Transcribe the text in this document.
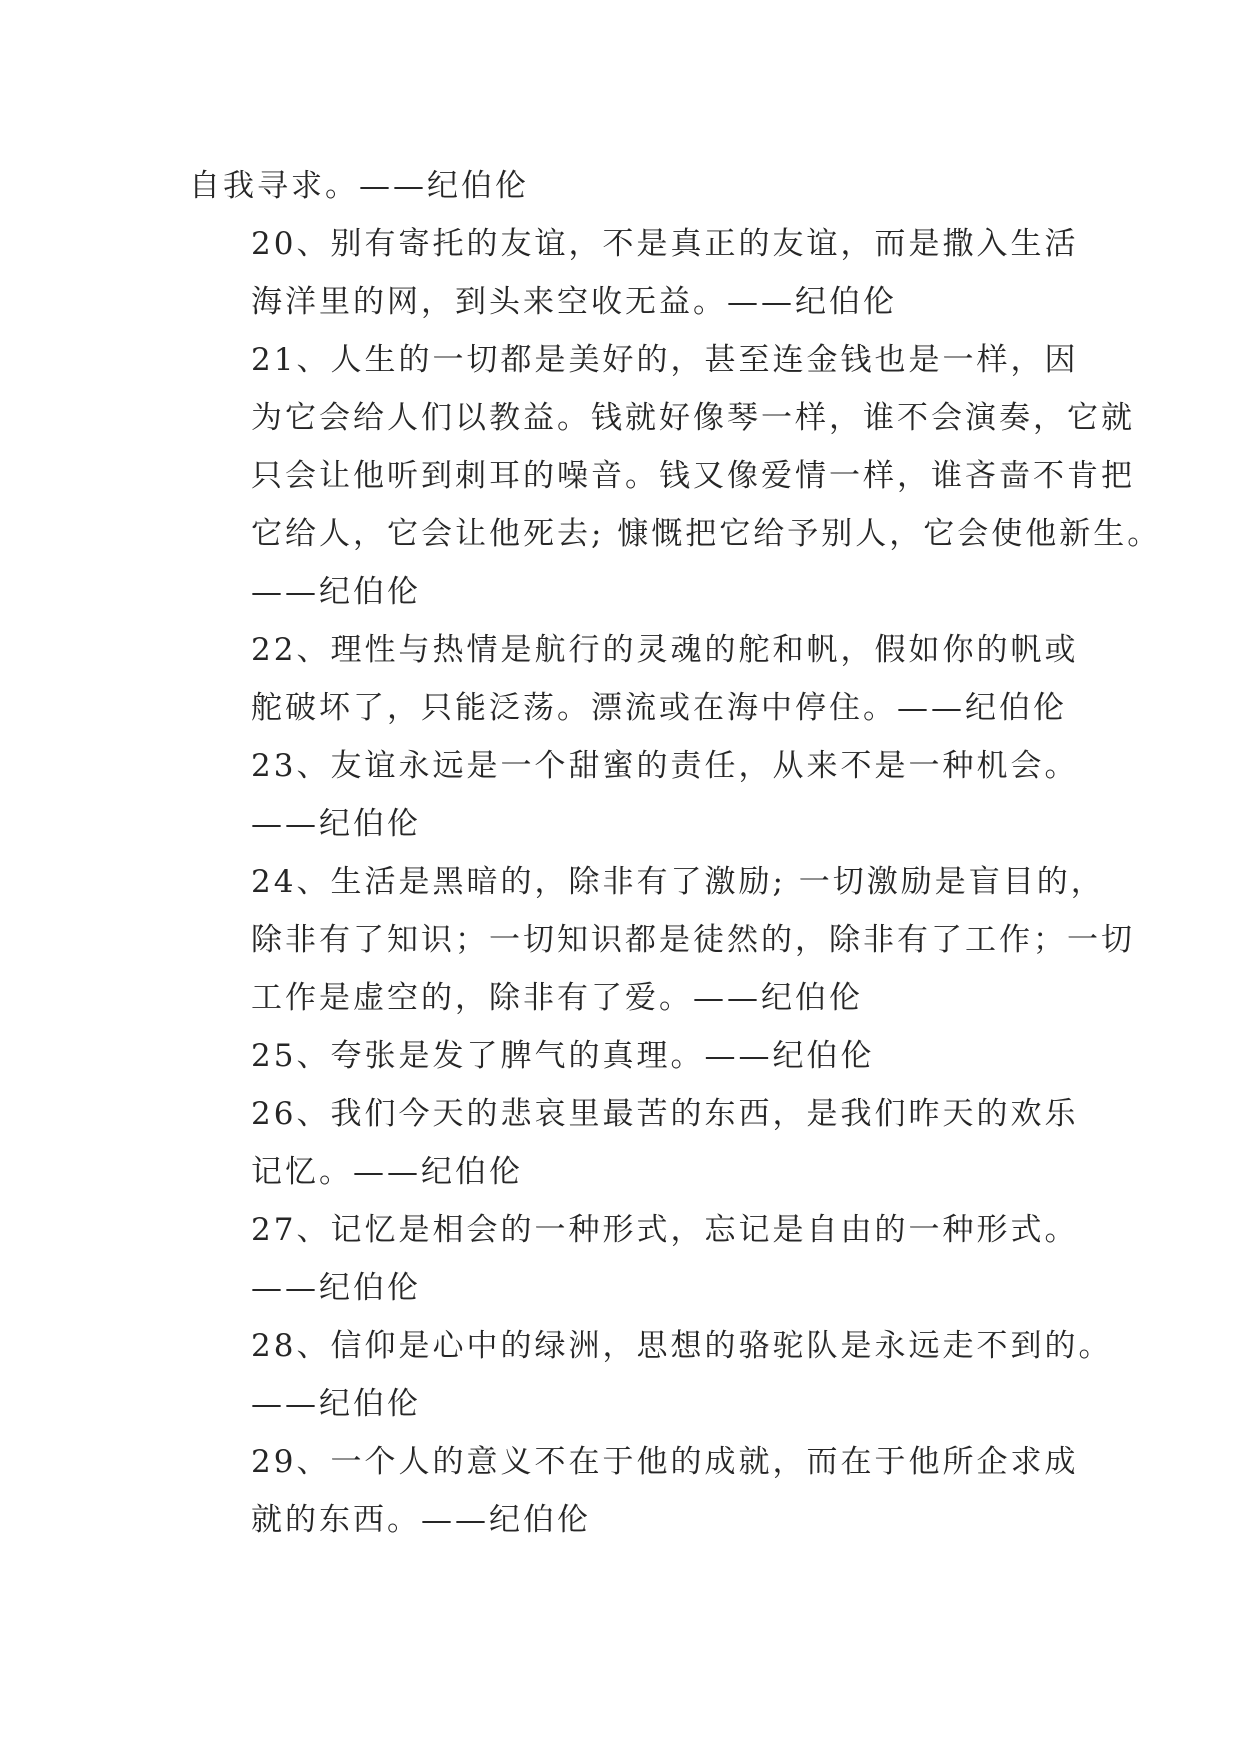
自我寻求。——纪伯伦

20、别有寄托的友谊，不是真正的友谊，而是撒入生活
海洋里的网，到头来空收无益。——纪伯伦

21、人生的一切都是美好的，甚至连金钱也是一样，因
为它会给人们以教益。钱就好像琴一样，谁不会演奏，它就
只会让他听到刺耳的噪音。钱又像爱情一样，谁吝啬不肯把
它给人，它会让他死去; 慷慨把它给予别人，它会使他新生。
——纪伯伦

22、理性与热情是航行的灵魂的舵和帆，假如你的帆或
舵破坏了，只能泛荡。漂流或在海中停住。——纪伯伦

23、友谊永远是一个甜蜜的责任，从来不是一种机会。
——纪伯伦

24、生活是黑暗的，除非有了激励; 一切激励是盲目的，
除非有了知识；一切知识都是徒然的，除非有了工作；一切
工作是虚空的，除非有了爱。——纪伯伦

25、夸张是发了脾气的真理。——纪伯伦

26、我们今天的悲哀里最苦的东西，是我们昨天的欢乐
记忆。——纪伯伦

27、记忆是相会的一种形式，忘记是自由的一种形式。
——纪伯伦

28、信仰是心中的绿洲，思想的骆驼队是永远走不到的。
——纪伯伦

29、一个人的意义不在于他的成就，而在于他所企求成
就的东西。——纪伯伦
